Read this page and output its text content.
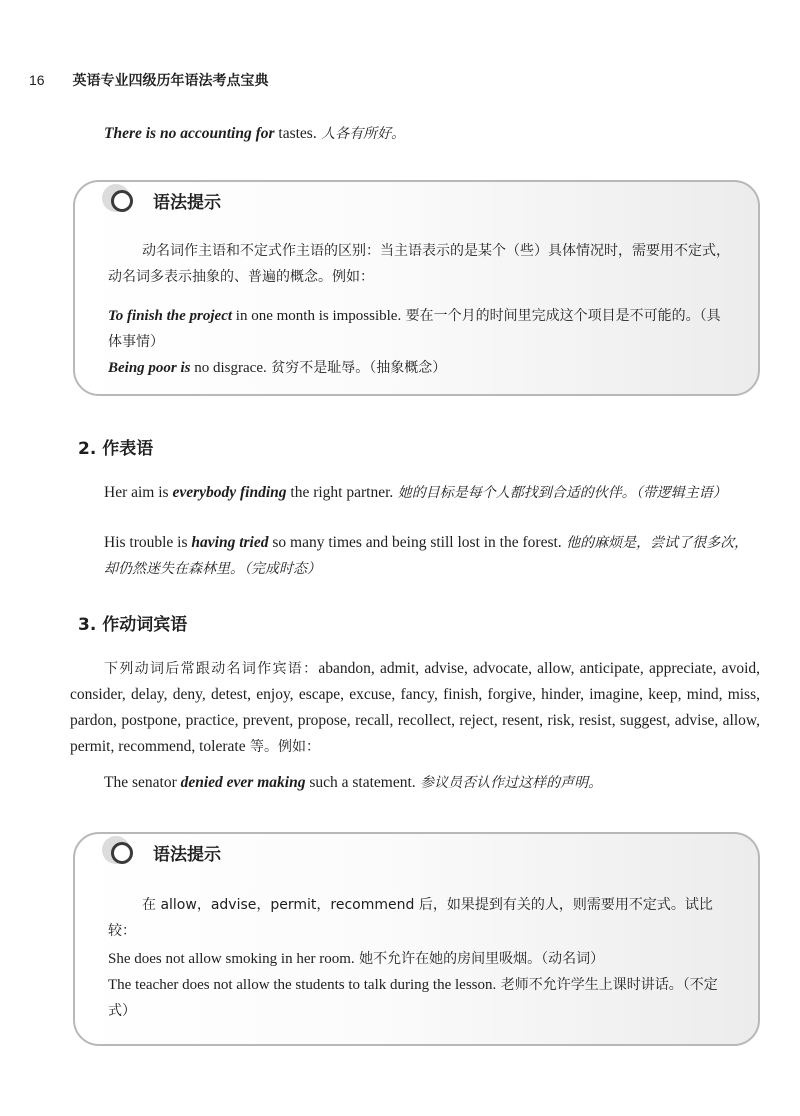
16 英语专业四级历年语法考点宝典
There is no accounting for tastes. 人各有所好。
语法提示
动名词作主语和不定式作主语的区别：当主语表示的是某个（些）具体情况时，需要用不定式，动名词多表示抽象的、普遍的概念。例如：
To finish the project in one month is impossible. 要在一个月的时间里完成这个项目是不可能的。（具体事情）
Being poor is no disgrace. 贫穷不是耻辱。（抽象概念）
2. 作表语
Her aim is everybody finding the right partner. 她的目标是每个人都找到合适的伙伴。（带逻辑主语）
His trouble is having tried so many times and being still lost in the forest. 他的麻烦是，尝试了很多次，却仍然迷失在森林里。（完成时态）
3. 作动词宾语
下列动词后常跟动名词作宾语：abandon, admit, advise, advocate, allow, anticipate, appreciate, avoid, consider, delay, deny, detest, enjoy, escape, excuse, fancy, finish, forgive, hinder, imagine, keep, mind, miss, pardon, postpone, practice, prevent, propose, recall, recollect, reject, resent, risk, resist, suggest, advise, allow, permit, recommend, tolerate 等。例如：
The senator denied ever making such a statement. 参议员否认作过这样的声明。
语法提示
在 allow，advise，permit，recommend 后，如果提到有关的人，则需要用不定式。试比较：
She does not allow smoking in her room. 她不允许在她的房间里吸烟。（动名词）
The teacher does not allow the students to talk during the lesson. 老师不允许学生上课时讲话。（不定式）
